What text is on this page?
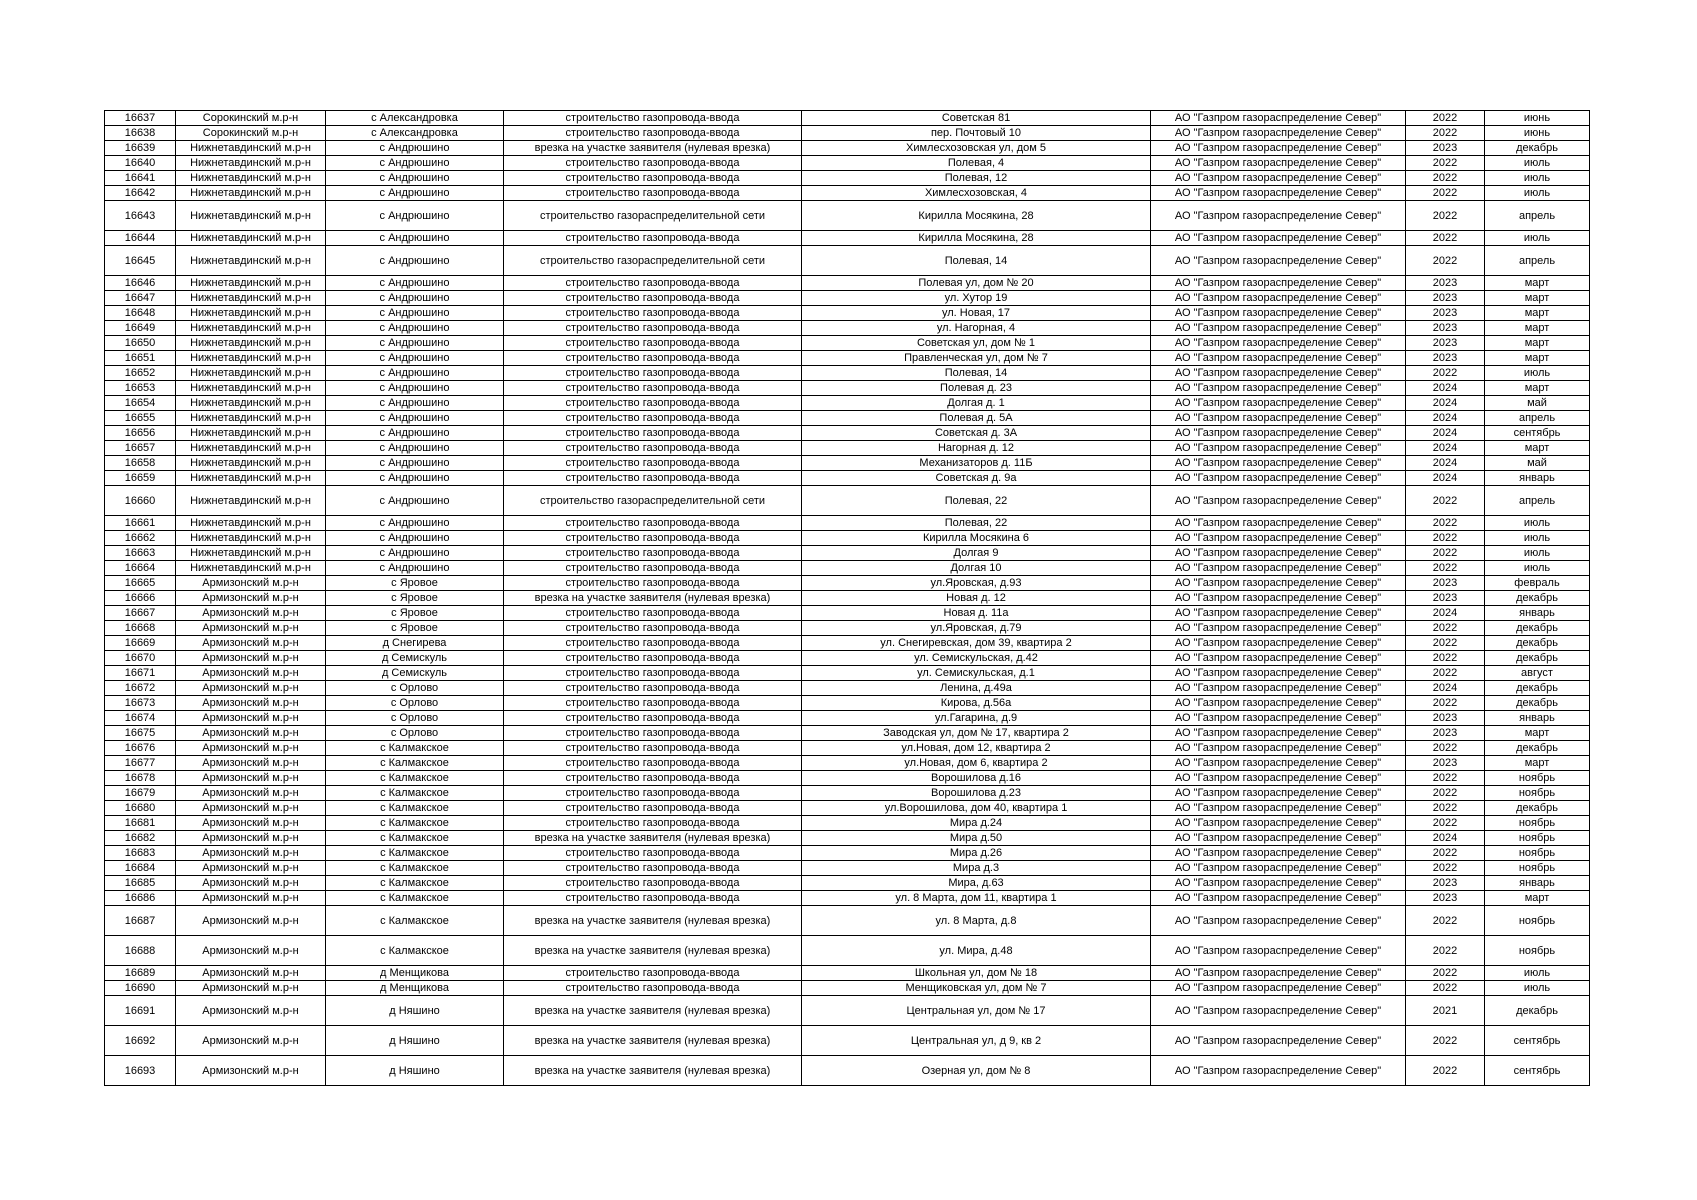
16637	Сорокинский м.р-н	с Александровка	строительство газопровода-ввода	Советская 81	АО "Газпром газораспределение Север"	2022	июнь
16638	Сорокинский м.р-н	с Александровка	строительство газопровода-ввода	пер. Почтовый 10	АО "Газпром газораспределение Север"	2022	июнь
16639	Нижнетавдинский м.р-н	с Андрюшино	врезка на участке заявителя (нулевая врезка)	Химлесхозовская ул, дом 5	АО "Газпром газораспределение Север"	2023	декабрь
16640	Нижнетавдинский м.р-н	с Андрюшино	строительство газопровода-ввода	Полевая, 4	АО "Газпром газораспределение Север"	2022	июль
16641	Нижнетавдинский м.р-н	с Андрюшино	строительство газопровода-ввода	Полевая, 12	АО "Газпром газораспределение Север"	2022	июль
16642	Нижнетавдинский м.р-н	с Андрюшино	строительство газопровода-ввода	Химлесхозовская, 4	АО "Газпром газораспределение Север"	2022	июль
16643	Нижнетавдинский м.р-н	с Андрюшино	строительство газораспределительной сети	Кирилла Мосякина, 28	АО "Газпром газораспределение Север"	2022	апрель
16644	Нижнетавдинский м.р-н	с Андрюшино	строительство газопровода-ввода	Кирилла Мосякина, 28	АО "Газпром газораспределение Север"	2022	июль
16645	Нижнетавдинский м.р-н	с Андрюшино	строительство газораспределительной сети	Полевая, 14	АО "Газпром газораспределение Север"	2022	апрель
16646	Нижнетавдинский м.р-н	с Андрюшино	строительство газопровода-ввода	Полевая ул, дом № 20	АО "Газпром газораспределение Север"	2023	март
16647	Нижнетавдинский м.р-н	с Андрюшино	строительство газопровода-ввода	ул. Хутор 19	АО "Газпром газораспределение Север"	2023	март
16648	Нижнетавдинский м.р-н	с Андрюшино	строительство газопровода-ввода	ул. Новая, 17	АО "Газпром газораспределение Север"	2023	март
16649	Нижнетавдинский м.р-н	с Андрюшино	строительство газопровода-ввода	ул. Нагорная, 4	АО "Газпром газораспределение Север"	2023	март
16650	Нижнетавдинский м.р-н	с Андрюшино	строительство газопровода-ввода	Советская ул, дом № 1	АО "Газпром газораспределение Север"	2023	март
16651	Нижнетавдинский м.р-н	с Андрюшино	строительство газопровода-ввода	Правленческая ул, дом № 7	АО "Газпром газораспределение Север"	2023	март
16652	Нижнетавдинский м.р-н	с Андрюшино	строительство газопровода-ввода	Полевая, 14	АО "Газпром газораспределение Север"	2022	июль
16653	Нижнетавдинский м.р-н	с Андрюшино	строительство газопровода-ввода	Полевая д. 23	АО "Газпром газораспределение Север"	2024	март
16654	Нижнетавдинский м.р-н	с Андрюшино	строительство газопровода-ввода	Долгая д. 1	АО "Газпром газораспределение Север"	2024	май
16655	Нижнетавдинский м.р-н	с Андрюшино	строительство газопровода-ввода	Полевая д. 5А	АО "Газпром газораспределение Север"	2024	апрель
16656	Нижнетавдинский м.р-н	с Андрюшино	строительство газопровода-ввода	Советская д. 3А	АО "Газпром газораспределение Север"	2024	сентябрь
16657	Нижнетавдинский м.р-н	с Андрюшино	строительство газопровода-ввода	Нагорная д. 12	АО "Газпром газораспределение Север"	2024	март
16658	Нижнетавдинский м.р-н	с Андрюшино	строительство газопровода-ввода	Механизаторов д. 11Б	АО "Газпром газораспределение Север"	2024	май
16659	Нижнетавдинский м.р-н	с Андрюшино	строительство газопровода-ввода	Советская д. 9а	АО "Газпром газораспределение Север"	2024	январь
16660	Нижнетавдинский м.р-н	с Андрюшино	строительство газораспределительной сети	Полевая, 22	АО "Газпром газораспределение Север"	2022	апрель
16661	Нижнетавдинский м.р-н	с Андрюшино	строительство газопровода-ввода	Полевая, 22	АО "Газпром газораспределение Север"	2022	июль
16662	Нижнетавдинский м.р-н	с Андрюшино	строительство газопровода-ввода	Кирилла Мосякина 6	АО "Газпром газораспределение Север"	2022	июль
16663	Нижнетавдинский м.р-н	с Андрюшино	строительство газопровода-ввода	Долгая 9	АО "Газпром газораспределение Север"	2022	июль
16664	Нижнетавдинский м.р-н	с Андрюшино	строительство газопровода-ввода	Долгая 10	АО "Газпром газораспределение Север"	2022	июль
16665	Армизонский м.р-н	с Яровое	строительство газопровода-ввода	ул.Яровская, д.93	АО "Газпром газораспределение Север"	2023	февраль
16666	Армизонский м.р-н	с Яровое	врезка на участке заявителя (нулевая врезка)	Новая д. 12	АО "Газпром газораспределение Север"	2023	декабрь
16667	Армизонский м.р-н	с Яровое	строительство газопровода-ввода	Новая д. 11а	АО "Газпром газораспределение Север"	2024	январь
16668	Армизонский м.р-н	с Яровое	строительство газопровода-ввода	ул.Яровская, д.79	АО "Газпром газораспределение Север"	2022	декабрь
16669	Армизонский м.р-н	д Снегирева	строительство газопровода-ввода	ул. Снегиревская, дом 39, квартира 2	АО "Газпром газораспределение Север"	2022	декабрь
16670	Армизонский м.р-н	д Семискуль	строительство газопровода-ввода	ул. Семискульская, д.42	АО "Газпром газораспределение Север"	2022	декабрь
16671	Армизонский м.р-н	д Семискуль	строительство газопровода-ввода	ул. Семискульская, д.1	АО "Газпром газораспределение Север"	2022	август
16672	Армизонский м.р-н	с Орлово	строительство газопровода-ввода	Ленина, д.49а	АО "Газпром газораспределение Север"	2024	декабрь
16673	Армизонский м.р-н	с Орлово	строительство газопровода-ввода	Кирова, д.56а	АО "Газпром газораспределение Север"	2022	декабрь
16674	Армизонский м.р-н	с Орлово	строительство газопровода-ввода	ул.Гагарина, д.9	АО "Газпром газораспределение Север"	2023	январь
16675	Армизонский м.р-н	с Орлово	строительство газопровода-ввода	Заводская ул, дом № 17, квартира 2	АО "Газпром газораспределение Север"	2023	март
16676	Армизонский м.р-н	с Калмакское	строительство газопровода-ввода	ул.Новая, дом 12, квартира 2	АО "Газпром газораспределение Север"	2022	декабрь
16677	Армизонский м.р-н	с Калмакское	строительство газопровода-ввода	ул.Новая, дом 6, квартира 2	АО "Газпром газораспределение Север"	2023	март
16678	Армизонский м.р-н	с Калмакское	строительство газопровода-ввода	Ворошилова д.16	АО "Газпром газораспределение Север"	2022	ноябрь
16679	Армизонский м.р-н	с Калмакское	строительство газопровода-ввода	Ворошилова д.23	АО "Газпром газораспределение Север"	2022	ноябрь
16680	Армизонский м.р-н	с Калмакское	строительство газопровода-ввода	ул.Ворошилова, дом 40, квартира 1	АО "Газпром газораспределение Север"	2022	декабрь
16681	Армизонский м.р-н	с Калмакское	строительство газопровода-ввода	Мира д.24	АО "Газпром газораспределение Север"	2022	ноябрь
16682	Армизонский м.р-н	с Калмакское	врезка на участке заявителя (нулевая врезка)	Мира д.50	АО "Газпром газораспределение Север"	2024	ноябрь
16683	Армизонский м.р-н	с Калмакское	строительство газопровода-ввода	Мира д.26	АО "Газпром газораспределение Север"	2022	ноябрь
16684	Армизонский м.р-н	с Калмакское	строительство газопровода-ввода	Мира д.3	АО "Газпром газораспределение Север"	2022	ноябрь
16685	Армизонский м.р-н	с Калмакское	строительство газопровода-ввода	Мира, д.63	АО "Газпром газораспределение Север"	2023	январь
16686	Армизонский м.р-н	с Калмакское	строительство газопровода-ввода	ул. 8 Марта, дом 11, квартира 1	АО "Газпром газораспределение Север"	2023	март
16687	Армизонский м.р-н	с Калмакское	врезка на участке заявителя (нулевая врезка)	ул. 8 Марта, д.8	АО "Газпром газораспределение Север"	2022	ноябрь
16688	Армизонский м.р-н	с Калмакское	врезка на участке заявителя (нулевая врезка)	ул. Мира, д.48	АО "Газпром газораспределение Север"	2022	ноябрь
16689	Армизонский м.р-н	д Менщикова	строительство газопровода-ввода	Школьная ул, дом № 18	АО "Газпром газораспределение Север"	2022	июль
16690	Армизонский м.р-н	д Менщикова	строительство газопровода-ввода	Менщиковская ул, дом № 7	АО "Газпром газораспределение Север"	2022	июль
16691	Армизонский м.р-н	д Няшино	врезка на участке заявителя (нулевая врезка)	Центральная ул, дом № 17	АО "Газпром газораспределение Север"	2021	декабрь
16692	Армизонский м.р-н	д Няшино	врезка на участке заявителя (нулевая врезка)	Центральная ул, д 9, кв 2	АО "Газпром газораспределение Север"	2022	сентябрь
16693	Армизонский м.р-н	д Няшино	врезка на участке заявителя (нулевая врезка)	Озерная ул, дом № 8	АО "Газпром газораспределение Север"	2022	сентябрь
